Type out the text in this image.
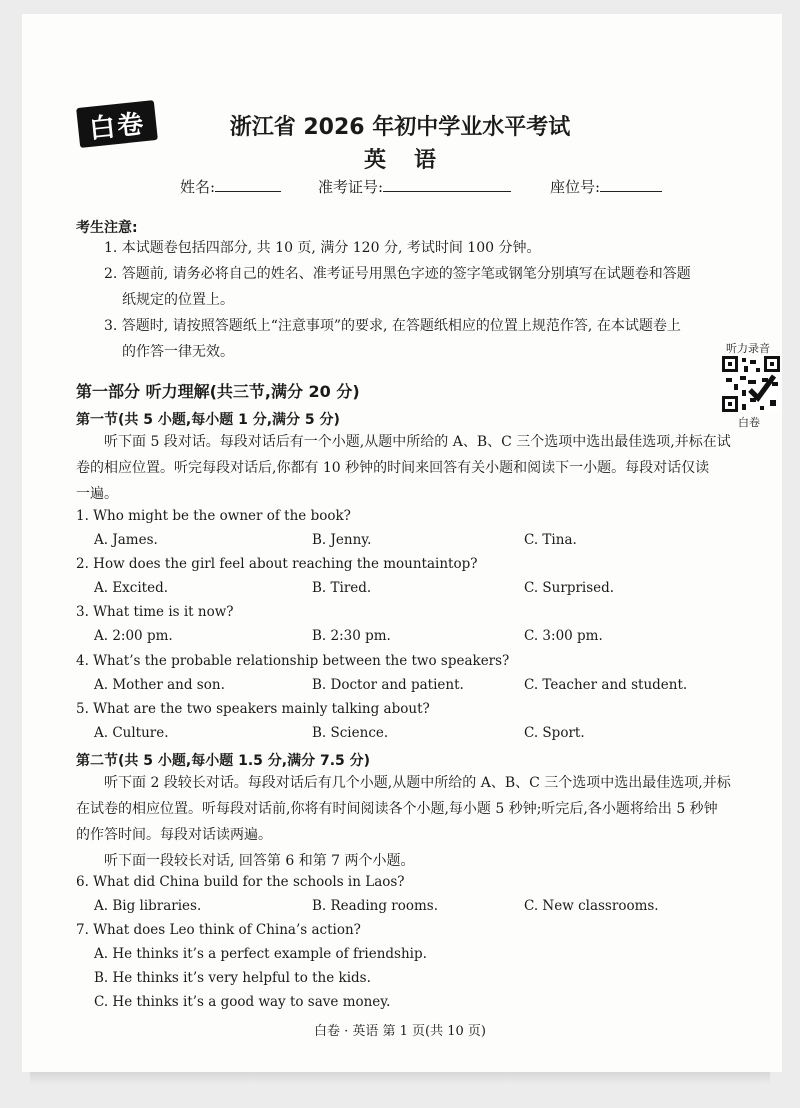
白卷	浙江省 2026 年初中学业水平考试
英语
姓名:	准考证号:	座位号:
考生注意:
1. 本试题卷包括四部分, 共 10 页, 满分 120 分, 考试时间 100 分钟。
2. 答题前, 请务必将自己的姓名、准考证号用黑色字迹的签字笔或钢笔分别填写在试题卷和答题
纸规定的位置上。
3. 答题时, 请按照答题纸上“注意事项”的要求, 在答题纸相应的位置上规范作答, 在本试题卷上
的作答一律无效。	听力录音
白卷
第一部分 听力理解(共三节,满分 20 分)
第一节(共 5 小题,每小题 1 分,满分 5 分)
听下面 5 段对话。每段对话后有一个小题,从题中所给的 A、B、C 三个选项中选出最佳选项,并标在试
卷的相应位置。听完每段对话后,你都有 10 秒钟的时间来回答有关小题和阅读下一小题。每段对话仅读
一遍。
1. Who might be the owner of the book?
A. James.	B. Jenny.	C. Tina.
2. How does the girl feel about reaching the mountaintop?
A. Excited.	B. Tired.	C. Surprised.
3. What time is it now?
A. 2:00 pm.	B. 2:30 pm.	C. 3:00 pm.
4. What’s the probable relationship between the two speakers?
A. Mother and son.	B. Doctor and patient.	C. Teacher and student.
5. What are the two speakers mainly talking about?
A. Culture.	B. Science.	C. Sport.
第二节(共 5 小题,每小题 1.5 分,满分 7.5 分)
听下面 2 段较长对话。每段对话后有几个小题,从题中所给的 A、B、C 三个选项中选出最佳选项,并标
在试卷的相应位置。听每段对话前,你将有时间阅读各个小题,每小题 5 秒钟;听完后,各小题将给出 5 秒钟
的作答时间。每段对话读两遍。
听下面一段较长对话, 回答第 6 和第 7 两个小题。
6. What did China build for the schools in Laos?
A. Big libraries.	B. Reading rooms.	C. New classrooms.
7. What does Leo think of China’s action?
A. He thinks it’s a perfect example of friendship.
B. He thinks it’s very helpful to the kids.
C. He thinks it’s a good way to save money.
白卷 · 英语 第 1 页(共 10 页)
